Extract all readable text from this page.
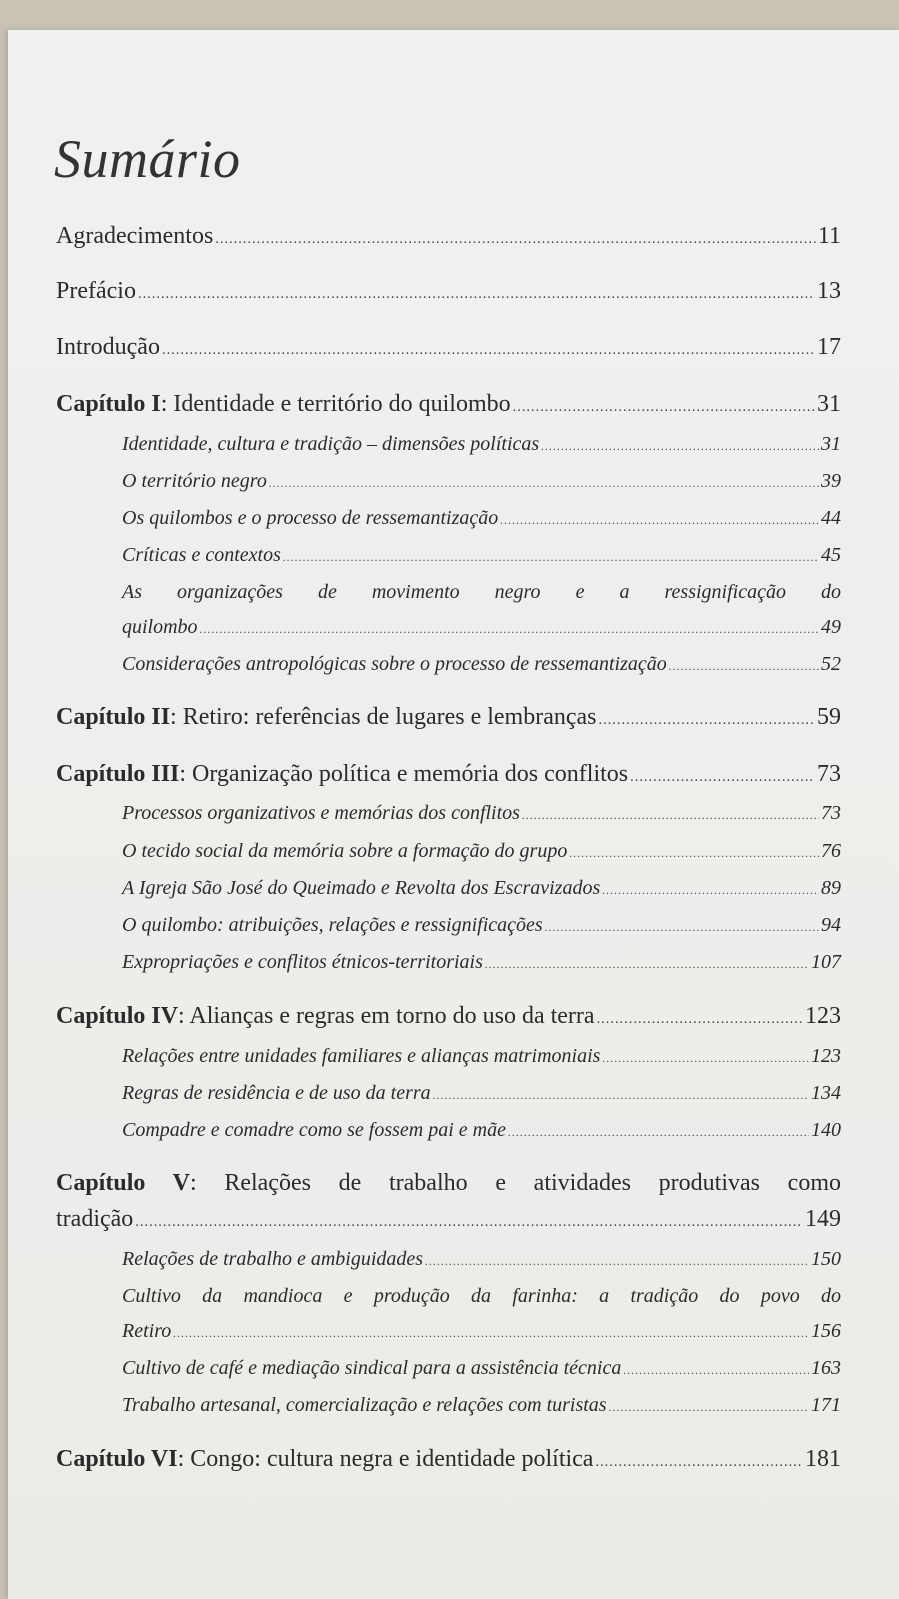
Sumário
Agradecimentos .....	11
Prefácio .....	13
Introdução .....	17
Capítulo I: Identidade e território do quilombo .....	31
Identidade, cultura e tradição – dimensões políticas .....	31
O território negro .....	39
Os quilombos e o processo de ressemantização .....	44
Críticas e contextos .....	45
As organizações de movimento negro e a ressignificação do
quilombo .....	49
Considerações antropológicas sobre o processo de ressemantização .....	52
Capítulo II: Retiro: referências de lugares e lembranças .....	59
Capítulo III: Organização política e memória dos conflitos .....	73
Processos organizativos e memórias dos conflitos .....	73
O tecido social da memória sobre a formação do grupo .....	76
A Igreja São José do Queimado e Revolta dos Escravizados .....	89
O quilombo: atribuições, relações e ressignificações .....	94
Expropriações e conflitos étnicos-territoriais .....	107
Capítulo IV: Alianças e regras em torno do uso da terra .....	123
Relações entre unidades familiares e alianças matrimoniais .....	123
Regras de residência e de uso da terra .....	134
Compadre e comadre como se fossem pai e mãe .....	140
Capítulo V: Relações de trabalho e atividades produtivas como
tradição .....	149
Relações de trabalho e ambiguidades .....	150
Cultivo da mandioca e produção da farinha: a tradição do povo do
Retiro .....	156
Cultivo de café e mediação sindical para a assistência técnica .....	163
Trabalho artesanal, comercialização e relações com turistas .....	171
Capítulo VI: Congo: cultura negra e identidade política .....	181
